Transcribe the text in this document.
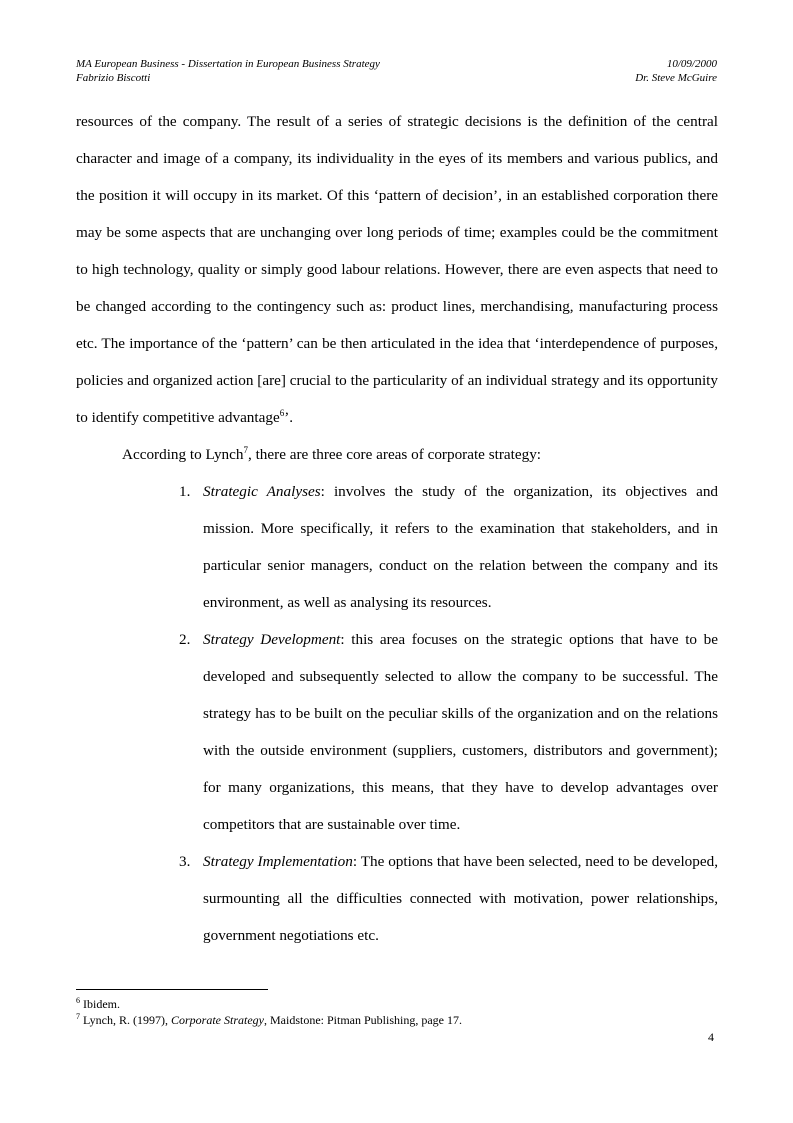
MA European Business - Dissertation in European Business Strategy
Fabrizio Biscotti
10/09/2000
Dr. Steve McGuire

resources of the company. The result of a series of strategic decisions is the definition of the central character and image of a company, its individuality in the eyes of its members and various publics, and the position it will occupy in its market. Of this ‘pattern of decision’, in an established corporation there may be some aspects that are unchanging over long periods of time; examples could be the commitment to high technology, quality or simply good labour relations. However, there are even aspects that need to be changed according to the contingency such as: product lines, merchandising, manufacturing process etc. The importance of the ‘pattern’ can be then articulated in the idea that ‘interdependence of purposes, policies and organized action [are] crucial to the particularity of an individual strategy and its opportunity to identify competitive advantage$^6$’.

According to Lynch$^7$, there are three core areas of corporate strategy:

1. Strategic Analyses: involves the study of the organization, its objectives and mission. More specifically, it refers to the examination that stakeholders, and in particular senior managers, conduct on the relation between the company and its environment, as well as analysing its resources.
2. Strategy Development: this area focuses on the strategic options that have to be developed and subsequently selected to allow the company to be successful. The strategy has to be built on the peculiar skills of the organization and on the relations with the outside environment (suppliers, customers, distributors and government); for many organizations, this means, that they have to develop advantages over competitors that are sustainable over time.
3. Strategy Implementation: The options that have been selected, need to be developed, surmounting all the difficulties connected with motivation, power relationships, government negotiations etc.
$^6$ Ibidem.
$^7$ Lynch, R. (1997), Corporate Strategy, Maidstone: Pitman Publishing, page 17.
4
